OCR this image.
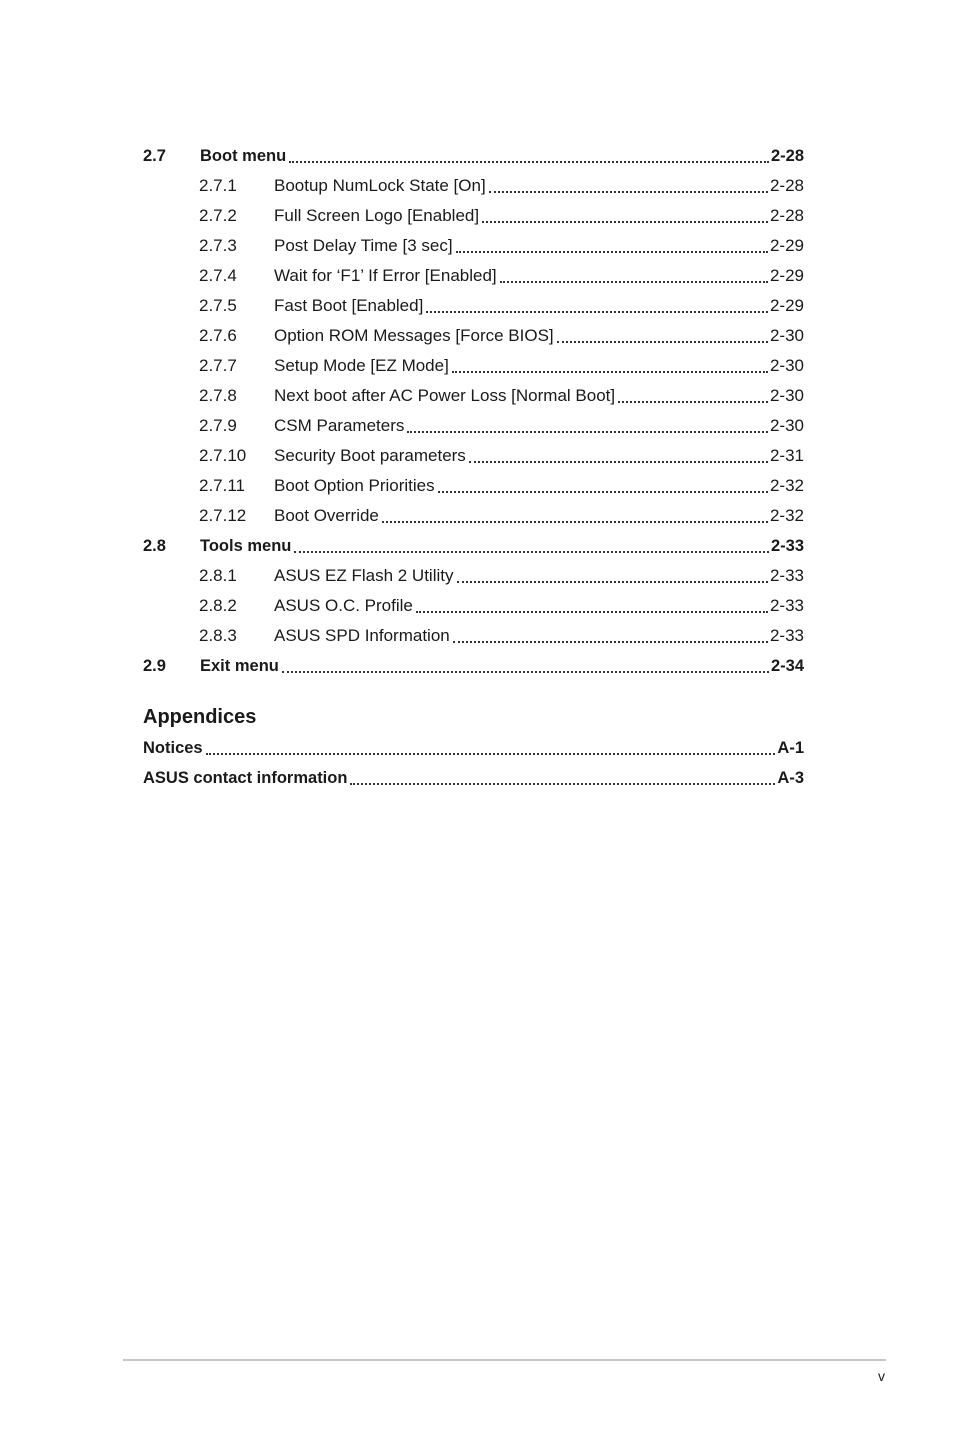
2.7	Boot menu	2-28
2.7.1	Bootup NumLock State [On]	2-28
2.7.2	Full Screen Logo [Enabled]	2-28
2.7.3	Post Delay Time [3 sec]	2-29
2.7.4	Wait for ‘F1’ If Error [Enabled]	2-29
2.7.5	Fast Boot [Enabled]	2-29
2.7.6	Option ROM Messages [Force BIOS]	2-30
2.7.7	Setup Mode [EZ Mode]	2-30
2.7.8	Next boot after AC Power Loss [Normal Boot]	2-30
2.7.9	CSM Parameters	2-30
2.7.10	Security Boot parameters	2-31
2.7.11	Boot Option Priorities	2-32
2.7.12	Boot Override	2-32
2.8	Tools menu	2-33
2.8.1	ASUS EZ Flash 2 Utility	2-33
2.8.2	ASUS O.C. Profile	2-33
2.8.3	ASUS SPD Information	2-33
2.9	Exit menu	2-34
Appendices
Notices	A-1
ASUS contact information	A-3
v
